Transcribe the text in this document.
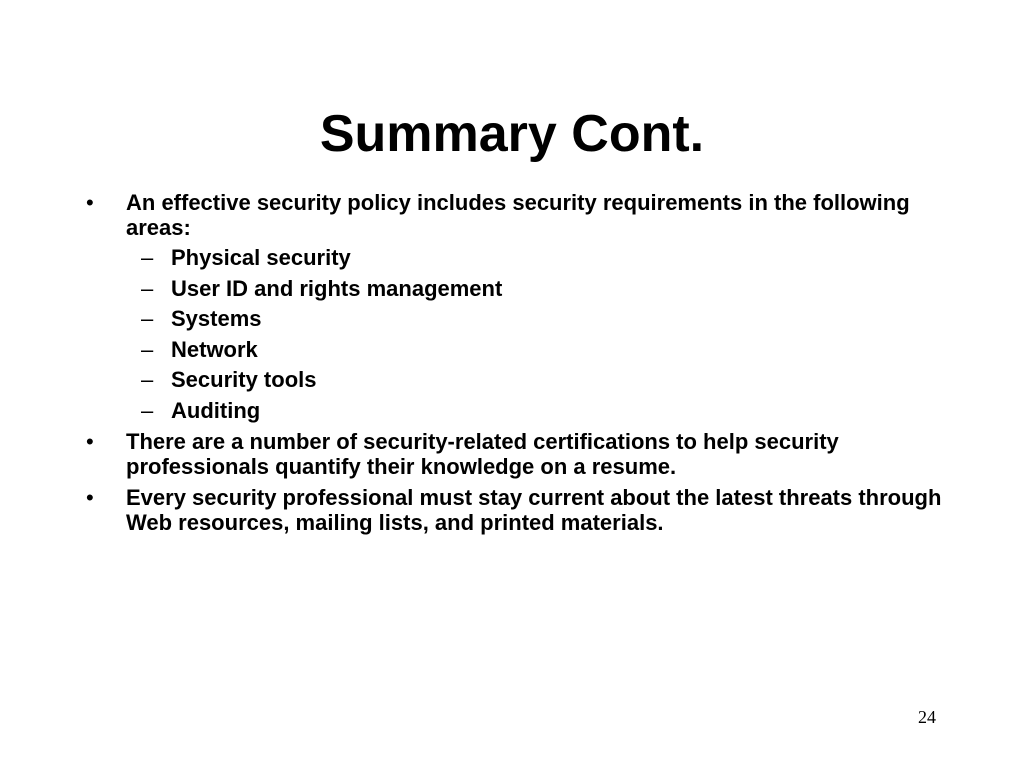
Summary Cont.
•	An effective security policy includes security requirements in the following areas:
– Physical security
– User ID and rights management
– Systems
– Network
– Security tools
– Auditing
•	There are a number of security-related certifications to help security professionals quantify their knowledge on a resume.
•	Every security professional must stay current about the latest threats through Web resources, mailing lists, and printed materials.
24
